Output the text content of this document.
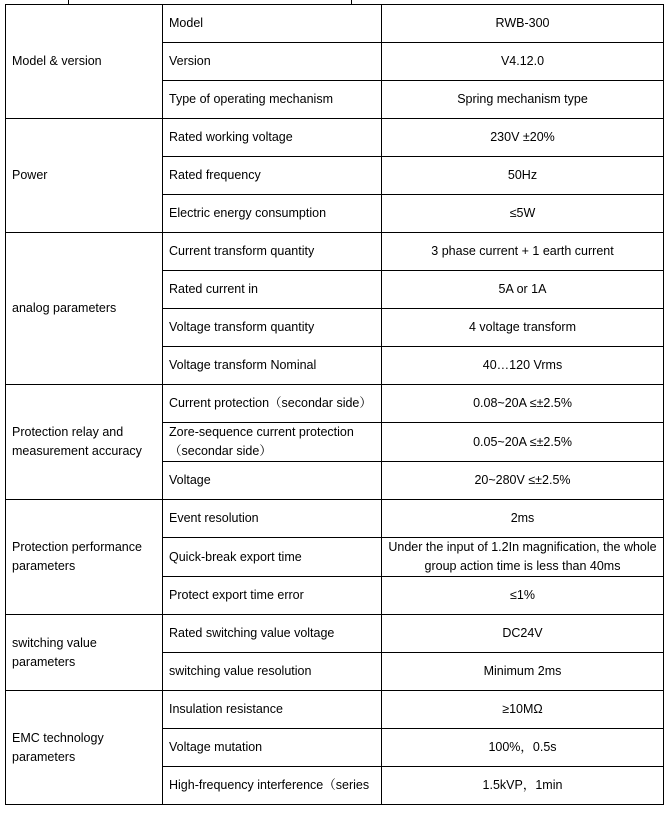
Model & version	Model	RWB-300
	Version	V4.12.0
	Type of operating mechanism	Spring mechanism type
Power	Rated working voltage	230V ±20%
	Rated frequency	50Hz
	Electric energy consumption	≤5W
analog parameters	Current transform quantity	3 phase current + 1 earth current
	Rated current in	5A or 1A
	Voltage transform quantity	4 voltage transform
	Voltage transform Nominal	40…120 Vrms
Protection relay and measurement accuracy	Current protection（secondar side）	0.08~20A ≤±2.5%
	Zore-sequence current protection （secondar side）	0.05~20A ≤±2.5%
	Voltage	20~280V ≤±2.5%
Protection performance parameters	Event resolution	2ms
	Quick-break export time	Under the input of 1.2In magnification, the whole group action time is less than 40ms
	Protect export time error	≤1%
switching value parameters	Rated switching value voltage	DC24V
	switching value resolution	Minimum 2ms
EMC technology parameters	Insulation resistance	≥10MΩ
	Voltage mutation	100%，0.5s
	High-frequency interference（series	1.5kVP，1min
